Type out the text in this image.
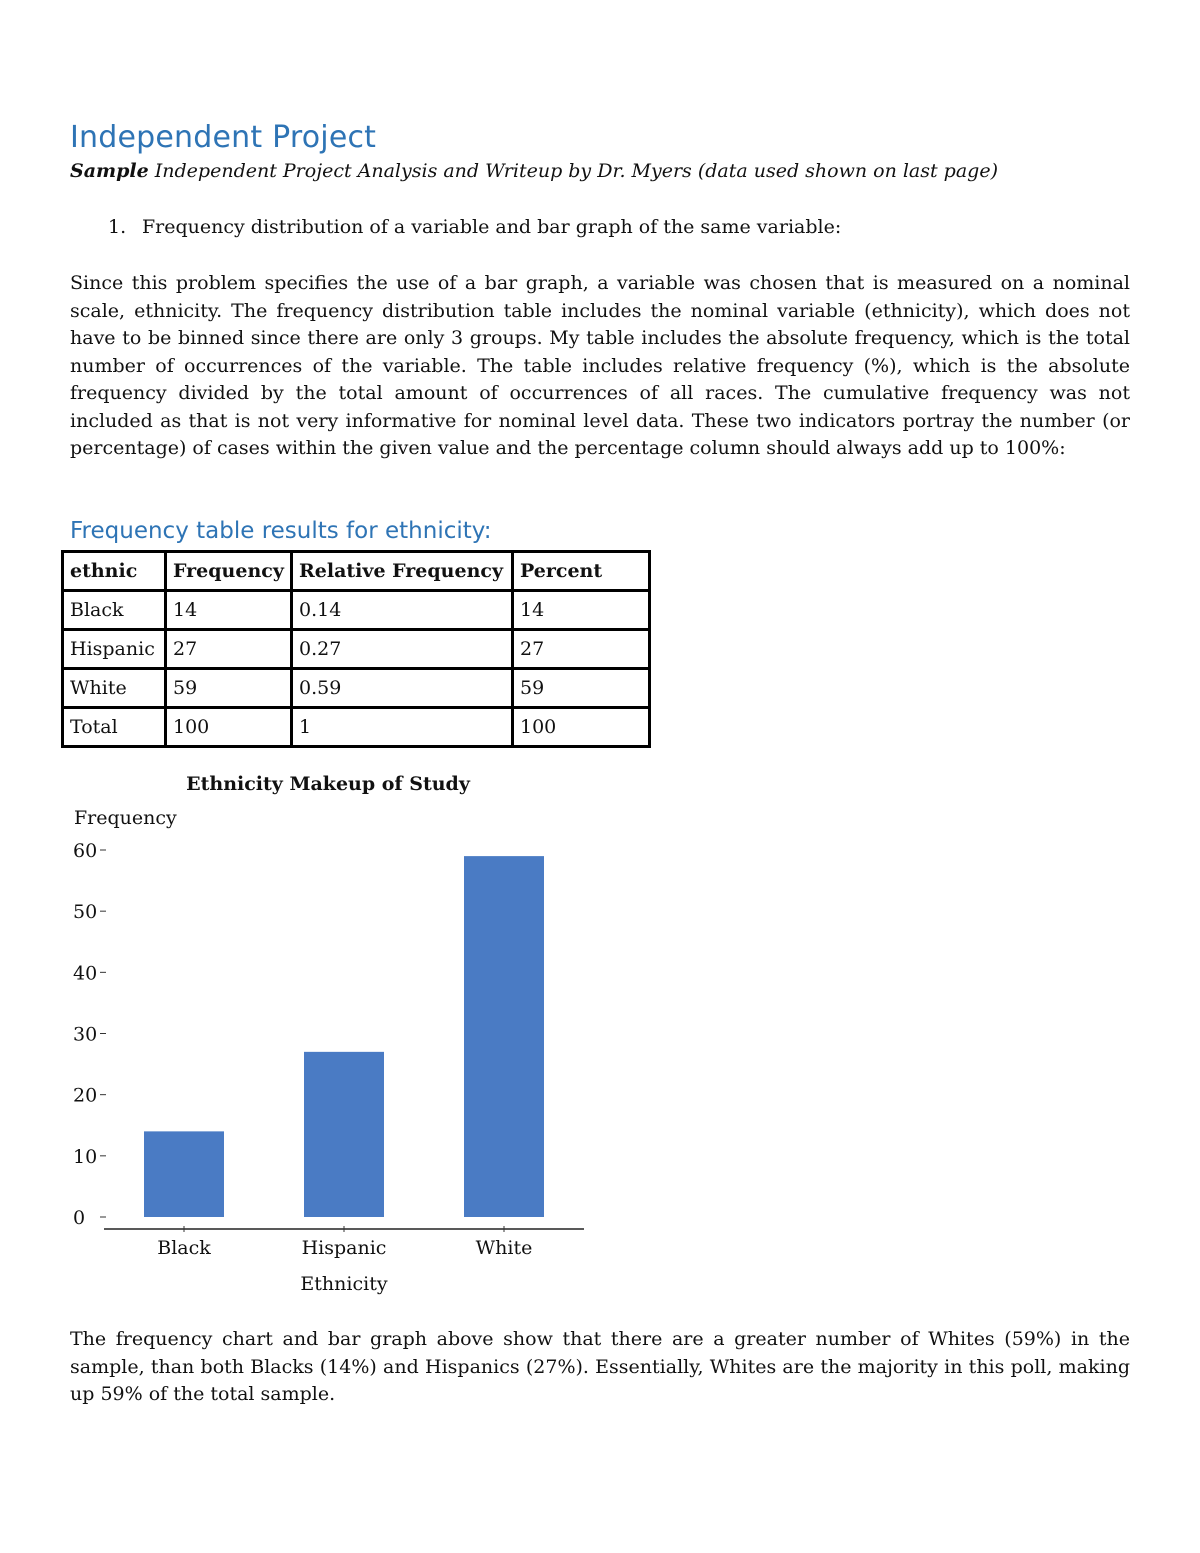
Independent Project

Sample Independent Project Analysis and Writeup by Dr. Myers (data used shown on last page)

1. Frequency distribution of a variable and bar graph of the same variable:

Since this problem specifies the use of a bar graph, a variable was chosen that is measured on a nominal scale, ethnicity. The frequency distribution table includes the nominal variable (ethnicity), which does not have to be binned since there are only 3 groups. My table includes the absolute frequency, which is the total number of occurrences of the variable. The table includes relative frequency (%), which is the absolute frequency divided by the total amount of occurrences of all races. The cumulative frequency was not included as that is not very informative for nominal level data. These two indicators portray the number (or percentage) of cases within the given value and the percentage column should always add up to 100%:

Frequency table results for ethnicity:
ethnic	Frequency	Relative Frequency	Percent
Black	14	0.14	14
Hispanic	27	0.27	27
White	59	0.59	59
Total	100	1	100
Ethnicity Makeup of Study
Frequency
0
10
20
30
40
50
60
Black	Hispanic	White
Ethnicity

The frequency chart and bar graph above show that there are a greater number of Whites (59%) in the sample, than both Blacks (14%) and Hispanics (27%). Essentially, Whites are the majority in this poll, making up 59% of the total sample.
